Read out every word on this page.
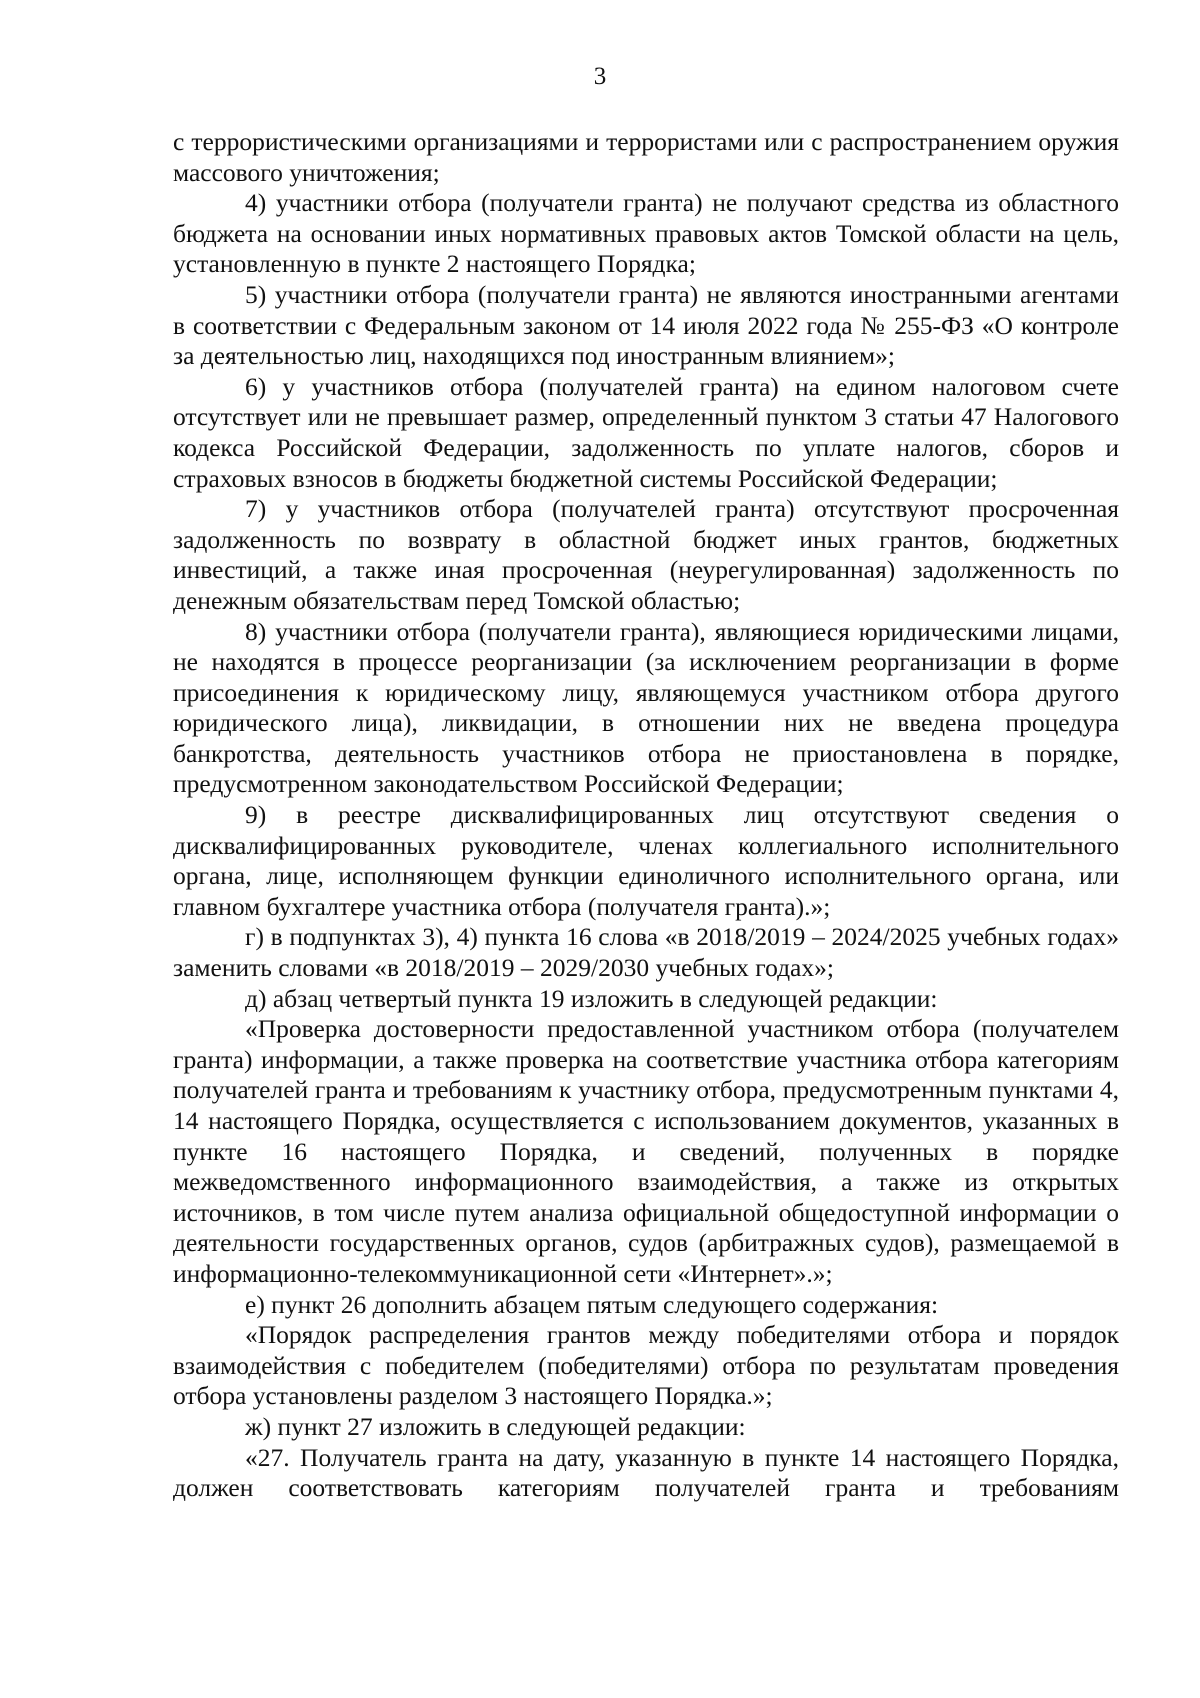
3

с террористическими организациями и террористами или с распространением оружия массового уничтожения;

4) участники отбора (получатели гранта) не получают средства из областного бюджета на основании иных нормативных правовых актов Томской области на цель, установленную в пункте 2 настоящего Порядка;

5) участники отбора (получатели гранта) не являются иностранными агентами в соответствии с Федеральным законом от 14 июля 2022 года № 255-ФЗ «О контроле за деятельностью лиц, находящихся под иностранным влиянием»;

6) у участников отбора (получателей гранта) на едином налоговом счете отсутствует или не превышает размер, определенный пунктом 3 статьи 47 Налогового кодекса Российской Федерации, задолженность по уплате налогов, сборов и страховых взносов в бюджеты бюджетной системы Российской Федерации;

7) у участников отбора (получателей гранта) отсутствуют просроченная задолженность по возврату в областной бюджет иных грантов, бюджетных инвестиций, а также иная просроченная (неурегулированная) задолженность по денежным обязательствам перед Томской областью;

8) участники отбора (получатели гранта), являющиеся юридическими лицами, не находятся в процессе реорганизации (за исключением реорганизации в форме присоединения к юридическому лицу, являющемуся участником отбора другого юридического лица), ликвидации, в отношении них не введена процедура банкротства, деятельность участников отбора не приостановлена в порядке, предусмотренном законодательством Российской Федерации;

9) в реестре дисквалифицированных лиц отсутствуют сведения о дисквалифицированных руководителе, членах коллегиального исполнительного органа, лице, исполняющем функции единоличного исполнительного органа, или главном бухгалтере участника отбора (получателя гранта).»;

г) в подпунктах 3), 4) пункта 16 слова «в 2018/2019 – 2024/2025 учебных годах» заменить словами «в 2018/2019 – 2029/2030 учебных годах»;

д) абзац четвертый пункта 19 изложить в следующей редакции:

«Проверка достоверности предоставленной участником отбора (получателем гранта) информации, а также проверка на соответствие участника отбора категориям получателей гранта и требованиям к участнику отбора, предусмотренным пунктами 4, 14 настоящего Порядка, осуществляется с использованием документов, указанных в пункте 16 настоящего Порядка, и сведений, полученных в порядке межведомственного информационного взаимодействия, а также из открытых источников, в том числе путем анализа официальной общедоступной информации о деятельности государственных органов, судов (арбитражных судов), размещаемой в информационно-телекоммуникационной сети «Интернет».»;

е) пункт 26 дополнить абзацем пятым следующего содержания:

«Порядок распределения грантов между победителями отбора и порядок взаимодействия с победителем (победителями) отбора по результатам проведения отбора установлены разделом 3 настоящего Порядка.»;

ж) пункт 27 изложить в следующей редакции:

«27. Получатель гранта на дату, указанную в пункте 14 настоящего Порядка, должен соответствовать категориям получателей гранта и требованиям
